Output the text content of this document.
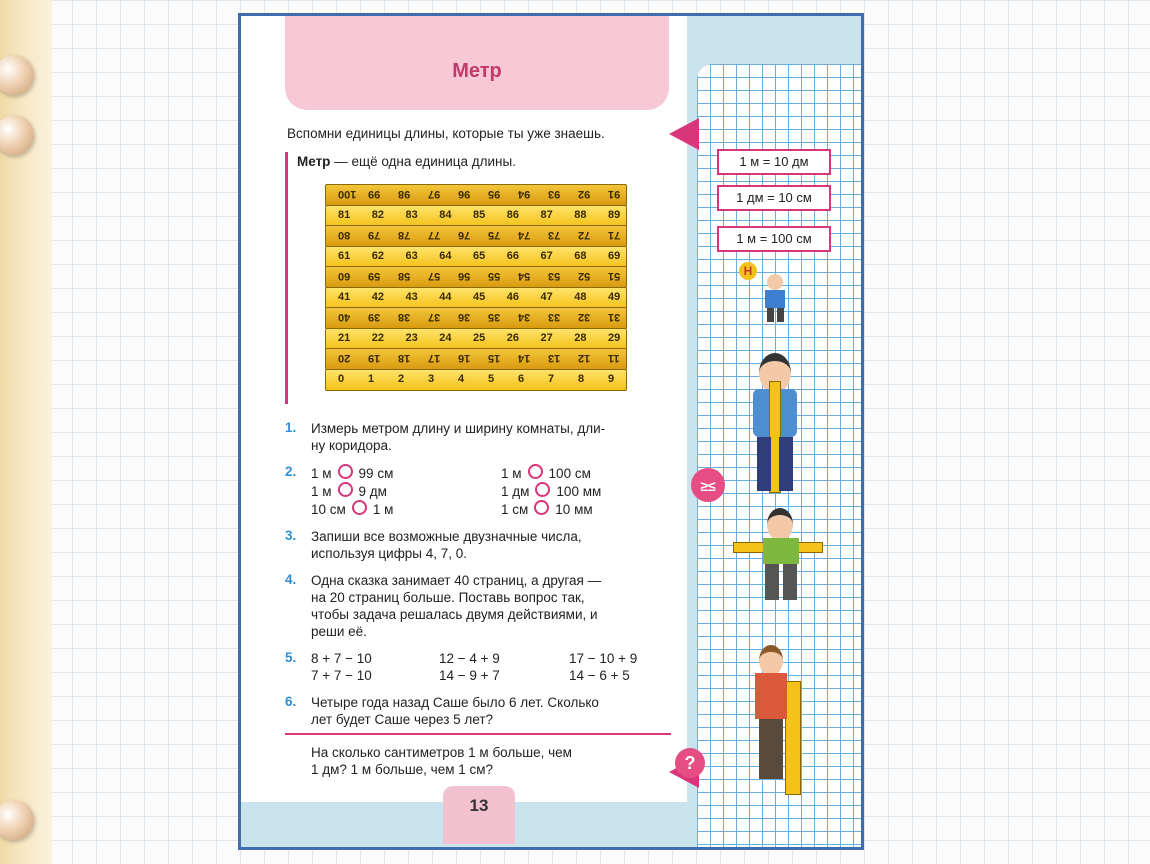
Метр
Вспомни единицы длины, которые ты уже знаешь.
Метр — ещё одна единица длины.
100 99 98 97 96 95 94 93 92 91
81 82 83 84 85 86 87 88 89
80 79 78 77 76 75 74 73 72 71
61 62 63 64 65 66 67 68 69
60 59 58 57 56 55 54 53 52 51
41 42 43 44 45 46 47 48 49
40 39 38 37 36 35 34 33 32 31
21 22 23 24 25 26 27 28 29
20 19 18 17 16 15 14 13 12 11
0 1 2 3 4 5 6 7 8 9
1. Измерь метром длину и ширину комнаты, дли-
ну коридора.
2. 1 м 99 см
1 м 9 дм
10 см 1 м
1 м 100 см
1 дм 100 мм
1 см 10 мм
3. Запиши все возможные двузначные числа,
используя цифры 4, 7, 0.
4. Одна сказка занимает 40 страниц, а другая —
на 20 страниц больше. Поставь вопрос так,
чтобы задача решалась двумя действиями, и
реши её.
5. 8 + 7 − 10
7 + 7 − 10
12 − 4 + 9
14 − 9 + 7
17 − 10 + 9
14 − 6 + 5
6. Четыре года назад Саше было 6 лет. Сколько
лет будет Саше через 5 лет?
На сколько сантиметров 1 м больше, чем
1 дм? 1 м больше, чем 1 см?
13
1 м = 10 дм
1 дм = 10 см
1 м = 100 см
Н
≥≤
?
